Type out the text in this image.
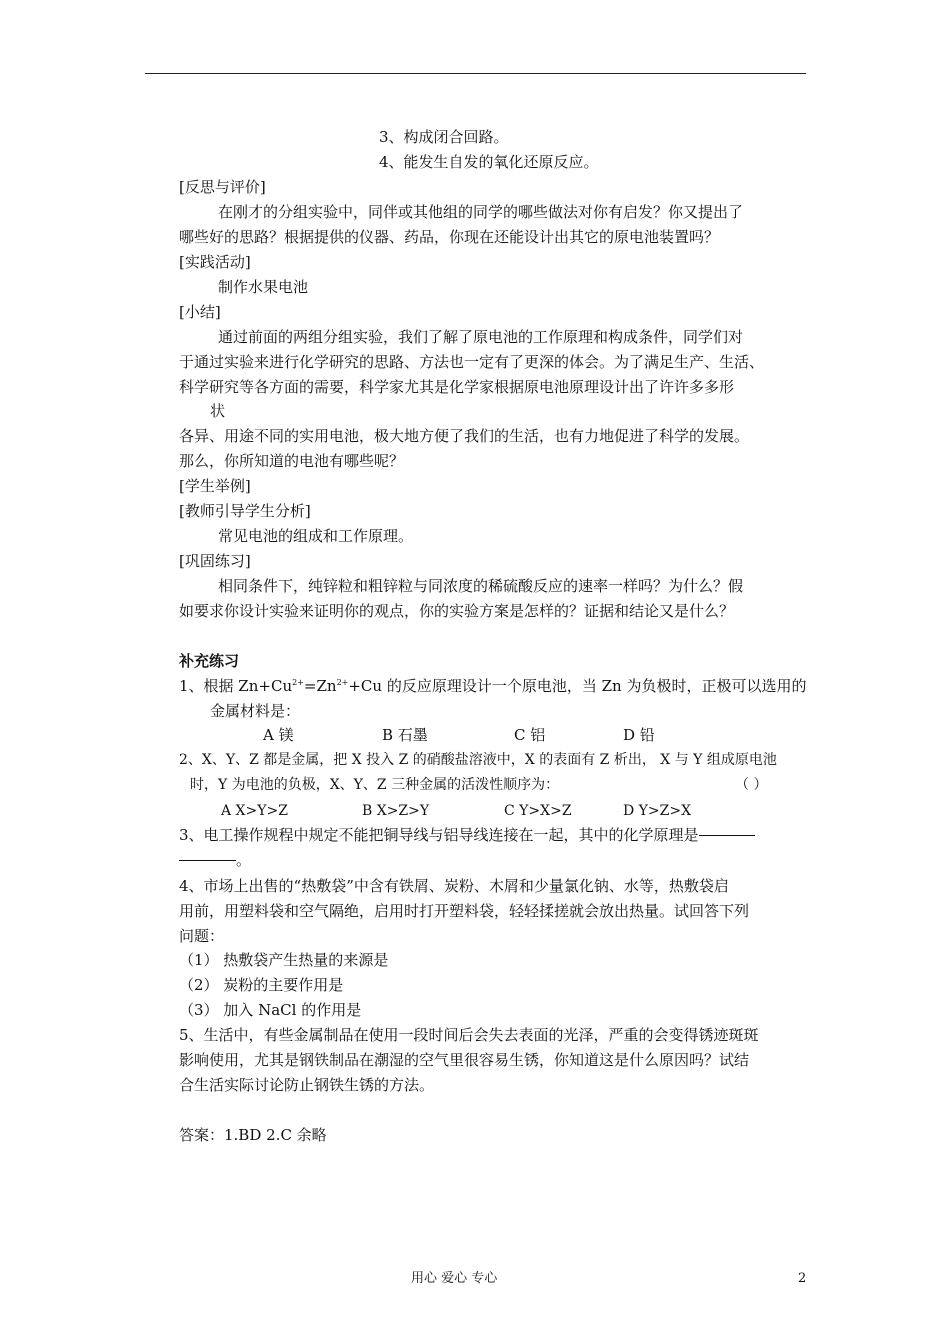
3、构成闭合回路。
4、能发生自发的氧化还原反应。
[反思与评价]
在刚才的分组实验中，同伴或其他组的同学的哪些做法对你有启发？你又提出了
哪些好的思路？根据提供的仪器、药品，你现在还能设计出其它的原电池装置吗？
[实践活动]
制作水果电池
[小结]
通过前面的两组分组实验，我们了解了原电池的工作原理和构成条件，同学们对
于通过实验来进行化学研究的思路、方法也一定有了更深的体会。为了满足生产、生活、
科学研究等各方面的需要，科学家尤其是化学家根据原电池原理设计出了许许多多形
状
各异、用途不同的实用电池，极大地方便了我们的生活，也有力地促进了科学的发展。
那么，你所知道的电池有哪些呢？
[学生举例]
[教师引导学生分析]
常见电池的组成和工作原理。
[巩固练习]
相同条件下，纯锌粒和粗锌粒与同浓度的稀硫酸反应的速率一样吗？为什么？假
如要求你设计实验来证明你的观点，你的实验方案是怎样的？证据和结论又是什么？
补充练习
1、根据 $Zn+Cu^{2+}=Zn^{2+}+Cu$ 的反应原理设计一个原电池，当 Zn 为负极时，正极可以选用的
金属材料是：
A 镁	B 石墨	C 铝	D 铅
2、X、Y、Z 都是金属，把 X 投入 Z 的硝酸盐溶液中，X 的表面有 Z 析出， X 与 Y 组成原电池
时，Y 为电池的负极，X、Y、Z 三种金属的活泼性顺序为：	（ ）
A X>Y>Z	B X>Z>Y	C Y>X>Z	D Y>Z>X
3、电工操作规程中规定不能把铜导线与铝导线连接在一起，其中的化学原理是
。
4、市场上出售的“热敷袋”中含有铁屑、炭粉、木屑和少量氯化钠、水等，热敷袋启
用前，用塑料袋和空气隔绝，启用时打开塑料袋，轻轻揉搓就会放出热量。试回答下列
问题：
（1） 热敷袋产生热量的来源是
（2） 炭粉的主要作用是
（3） 加入 NaCl 的作用是
5、生活中，有些金属制品在使用一段时间后会失去表面的光泽，严重的会变得锈迹斑斑
影响使用，尤其是钢铁制品在潮湿的空气里很容易生锈，你知道这是什么原因吗？试结
合生活实际讨论防止钢铁生锈的方法。
答案：1.BD 2.C 余略
用心 爱心 专心	2
